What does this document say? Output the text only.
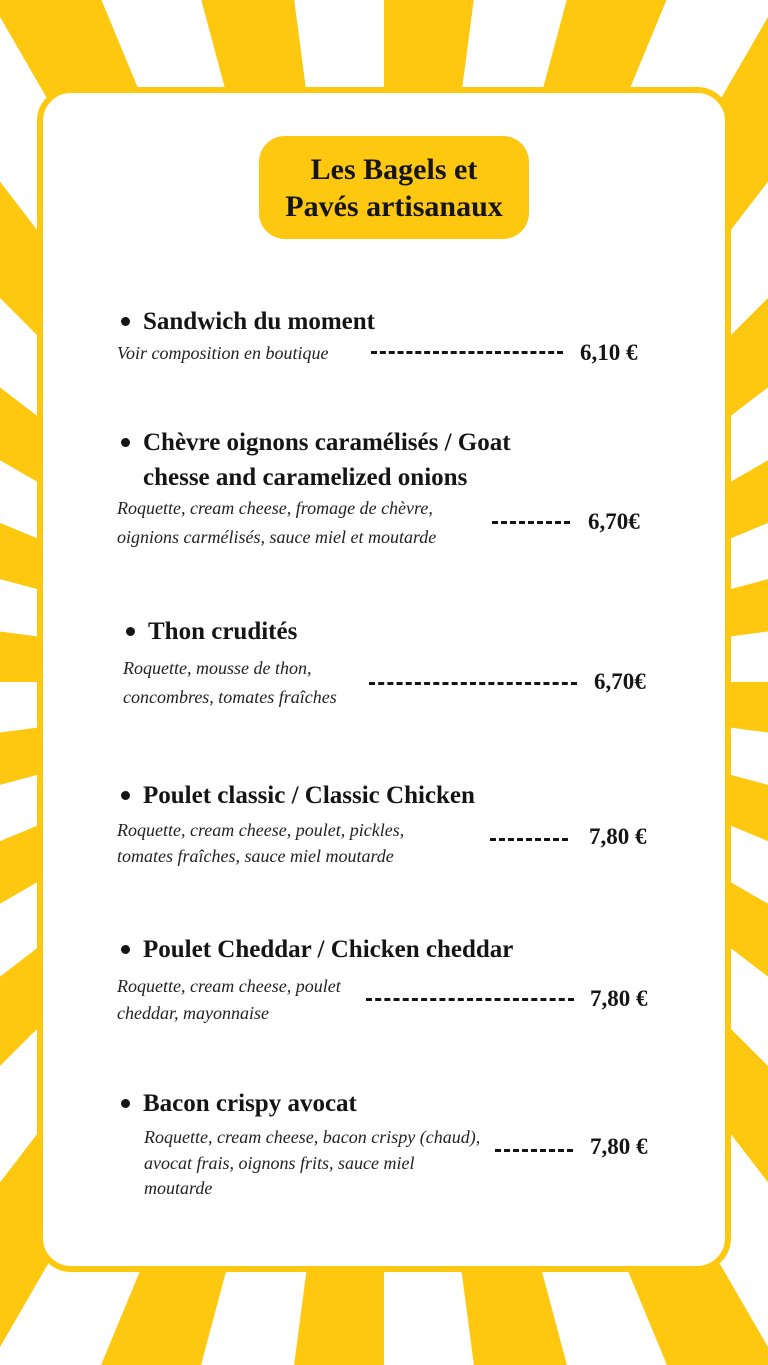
Les Bagels et
Pavés artisanaux
Sandwich du moment
Voir composition en boutique	6,10 €
Chèvre oignons caramélisés / Goat
chesse and caramelized onions
Roquette, cream cheese, fromage de chèvre,
oignions carmélisés, sauce miel et moutarde
6,70€
Thon crudités
Roquette, mousse de thon,
concombres, tomates fraîches
6,70€
Poulet classic / Classic Chicken
Roquette, cream cheese, poulet, pickles,
tomates fraîches, sauce miel moutarde
7,80 €
Poulet Cheddar / Chicken cheddar
Roquette, cream cheese, poulet
cheddar, mayonnaise
7,80 €
Bacon crispy avocat
Roquette, cream cheese, bacon crispy (chaud),
avocat frais, oignons frits, sauce miel
moutarde
7,80 €
